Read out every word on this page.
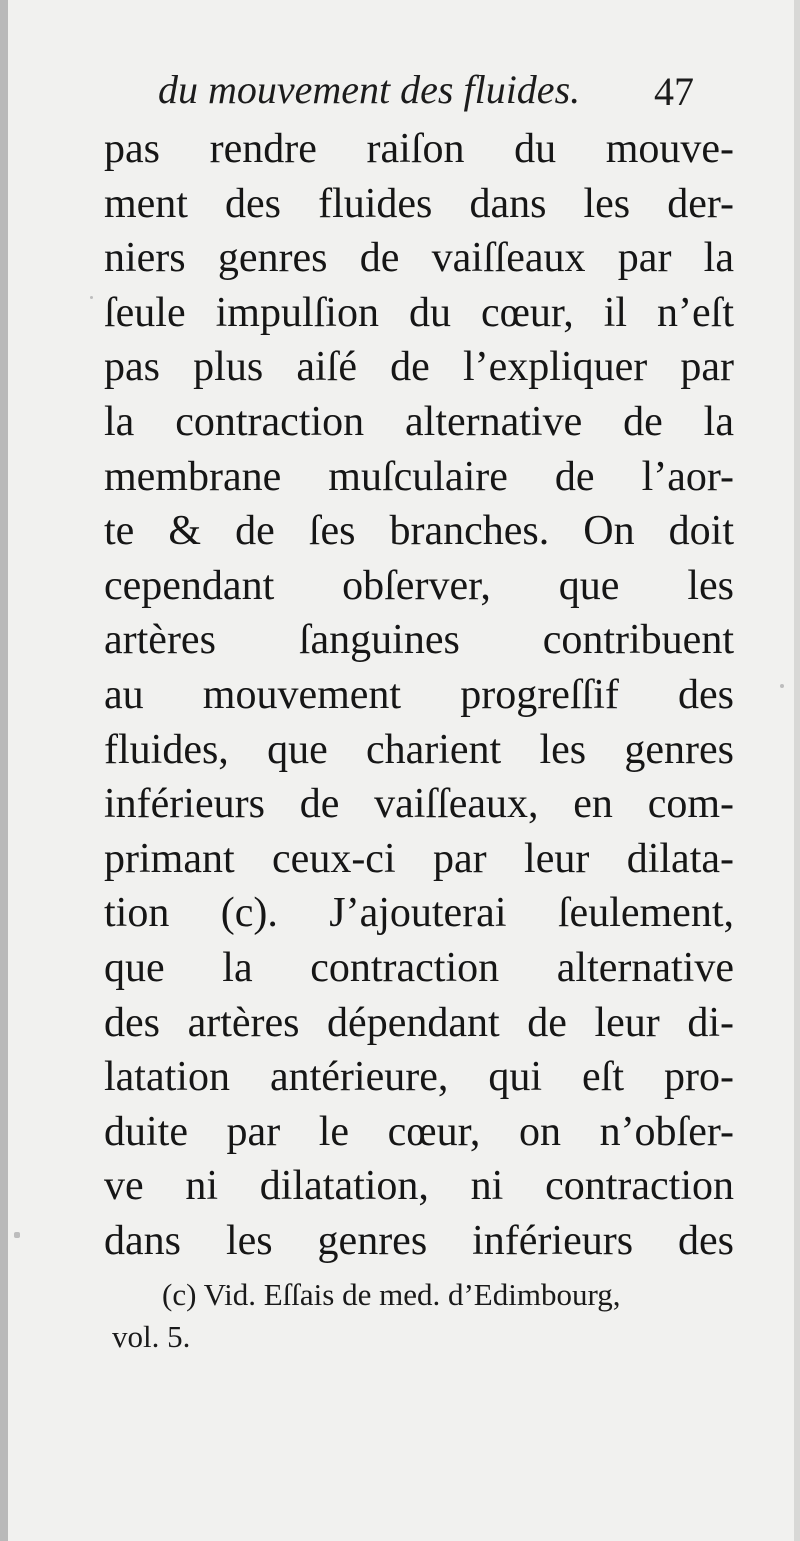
du mouvement des fluides.	47
pas rendre raiſon du mouve-
ment des fluides dans les der-
niers genres de vaiſſeaux par la
ſeule impulſion du cœur, il n’eſt
pas plus aiſé de l’expliquer par
la contraction alternative de la
membrane muſculaire de l’aor-
te & de ſes branches. On doit
cependant obſerver, que les
artères ſanguines contribuent
au mouvement progreſſif des
fluides, que charient les genres
inférieurs de vaiſſeaux, en com-
primant ceux-ci par leur dilata-
tion (c). J’ajouterai ſeulement,
que la contraction alternative
des artères dépendant de leur di-
latation antérieure, qui eſt pro-
duite par le cœur, on n’obſer-
ve ni dilatation, ni contraction
dans les genres inférieurs des
(c) Vid. Eſſais de med. d’Edimbourg,
vol. 5.
